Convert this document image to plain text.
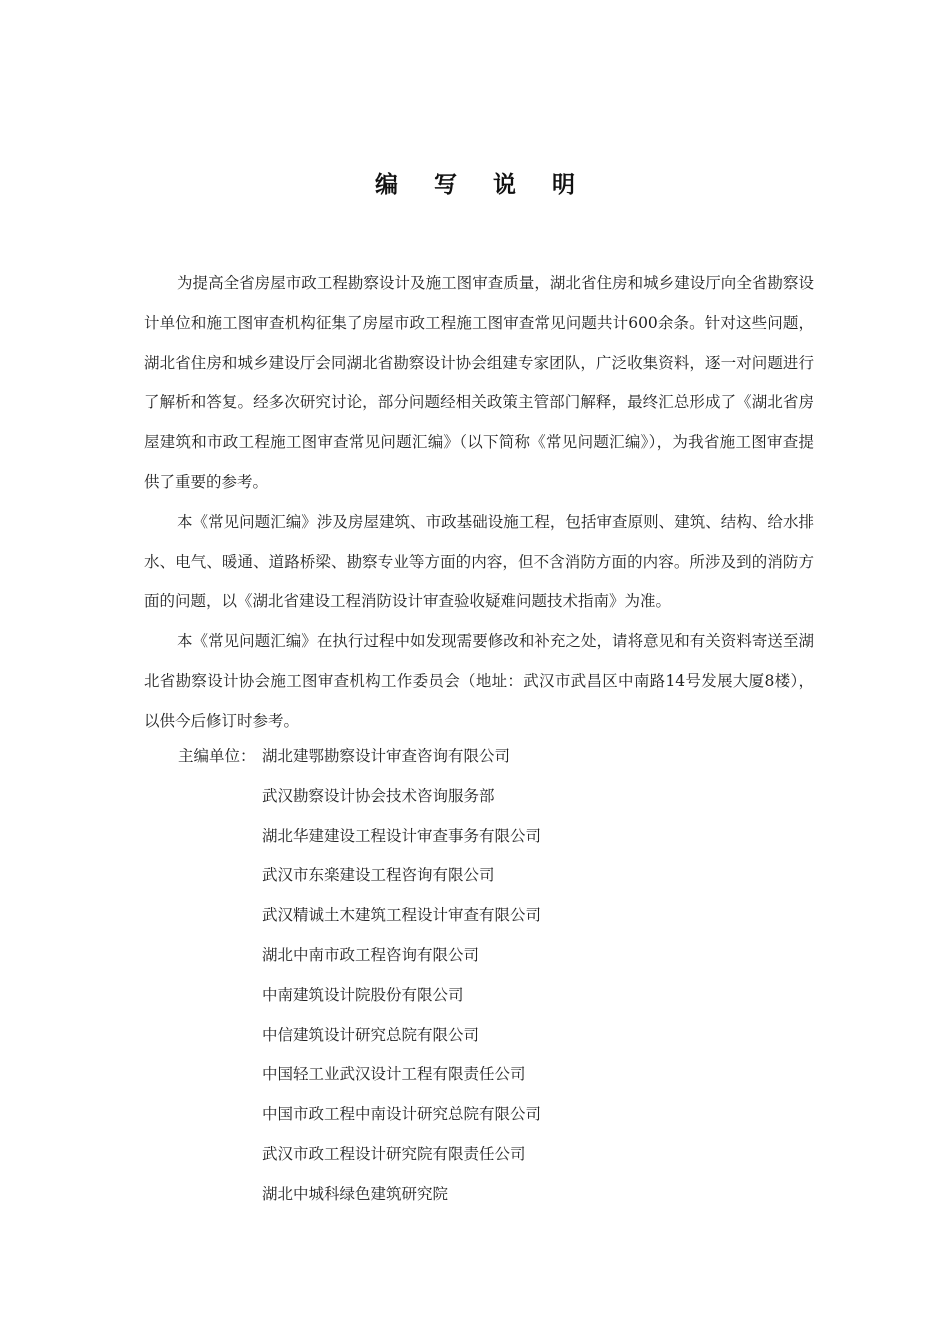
编 写 说 明

为提高全省房屋市政工程勘察设计及施工图审查质量，湖北省住房和城乡建设厅向全省勘察设计单位和施工图审查机构征集了房屋市政工程施工图审查常见问题共计600余条。针对这些问题，湖北省住房和城乡建设厅会同湖北省勘察设计协会组建专家团队，广泛收集资料，逐一对问题进行了解析和答复。经多次研究讨论，部分问题经相关政策主管部门解释，最终汇总形成了《湖北省房屋建筑和市政工程施工图审查常见问题汇编》（以下简称《常见问题汇编》），为我省施工图审查提供了重要的参考。

本《常见问题汇编》涉及房屋建筑、市政基础设施工程，包括审查原则、建筑、结构、给水排水、电气、暖通、道路桥梁、勘察专业等方面的内容，但不含消防方面的内容。所涉及到的消防方面的问题，以《湖北省建设工程消防设计审查验收疑难问题技术指南》为准。

本《常见问题汇编》在执行过程中如发现需要修改和补充之处，请将意见和有关资料寄送至湖北省勘察设计协会施工图审查机构工作委员会（地址：武汉市武昌区中南路14号发展大厦8楼），以供今后修订时参考。

主编单位： 湖北建鄂勘察设计审查咨询有限公司
武汉勘察设计协会技术咨询服务部
湖北华建建设工程设计审查事务有限公司
武汉市东楽建设工程咨询有限公司
武汉精诚土木建筑工程设计审查有限公司
湖北中南市政工程咨询有限公司
中南建筑设计院股份有限公司
中信建筑设计研究总院有限公司
中国轻工业武汉设计工程有限责任公司
中国市政工程中南设计研究总院有限公司
武汉市政工程设计研究院有限责任公司
湖北中城科绿色建筑研究院
